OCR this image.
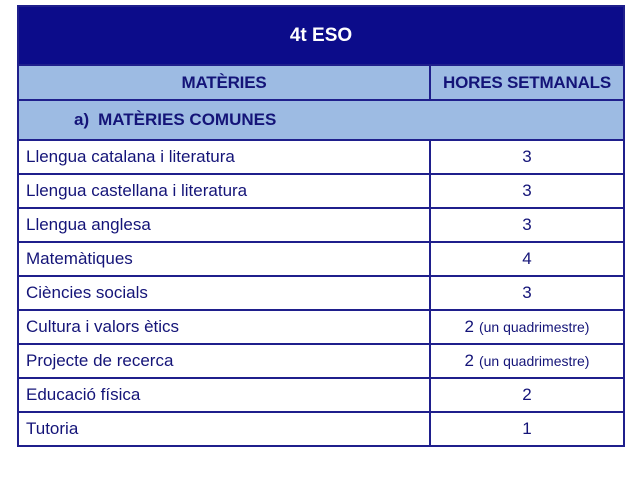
4t ESO	
MATÈRIES	HORES SETMANALS
a) MATÈRIES COMUNES	
Llengua catalana i literatura	3
Llengua castellana i literatura	3
Llengua anglesa	3
Matemàtiques	4
Ciències socials	3
Cultura i valors ètics	2 (un quadrimestre)
Projecte de recerca	2 (un quadrimestre)
Educació física	2
Tutoria	1
